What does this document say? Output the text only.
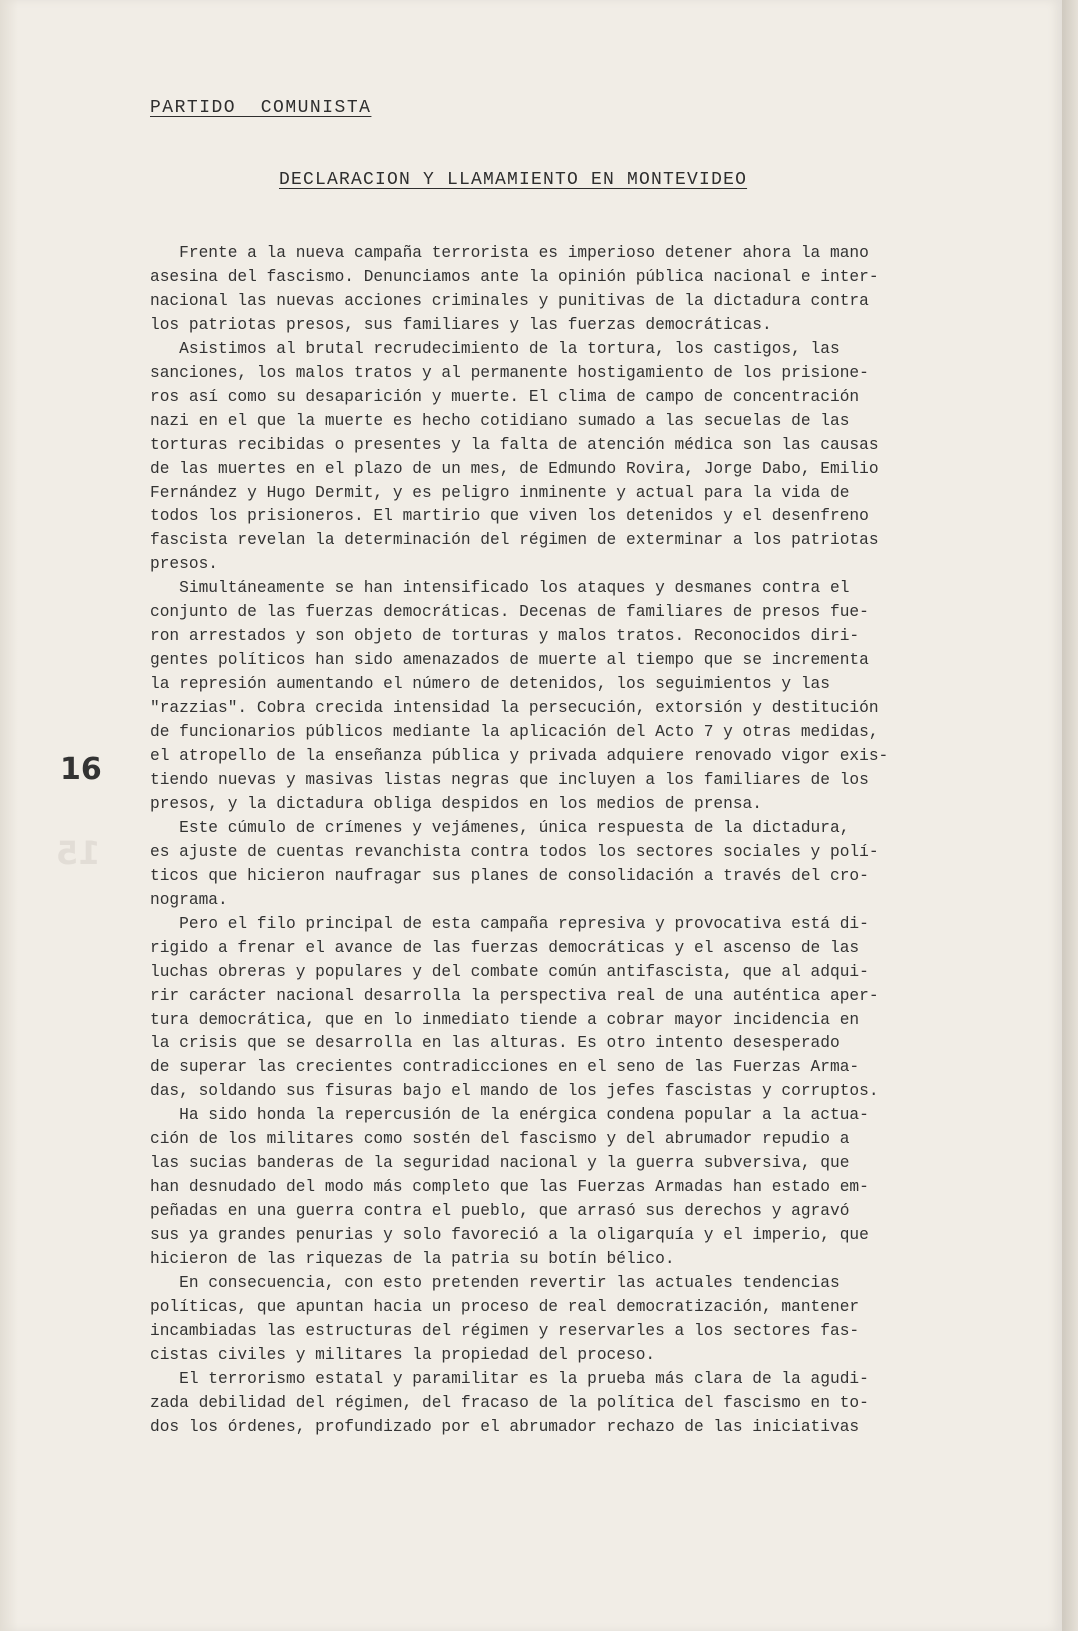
PARTIDO  COMUNISTA
DECLARACION Y LLAMAMIENTO EN MONTEVIDEO
16
15
Frente a la nueva campaña terrorista es imperioso detener ahora la mano
asesina del fascismo. Denunciamos ante la opinión pública nacional e inter-
nacional las nuevas acciones criminales y punitivas de la dictadura contra
los patriotas presos, sus familiares y las fuerzas democráticas.
Asistimos al brutal recrudecimiento de la tortura, los castigos, las
sanciones, los malos tratos y al permanente hostigamiento de los prisione-
ros así como su desaparición y muerte. El clima de campo de concentración
nazi en el que la muerte es hecho cotidiano sumado a las secuelas de las
torturas recibidas o presentes y la falta de atención médica son las causas
de las muertes en el plazo de un mes, de Edmundo Rovira, Jorge Dabo, Emilio
Fernández y Hugo Dermit, y es peligro inminente y actual para la vida de
todos los prisioneros. El martirio que viven los detenidos y el desenfreno
fascista revelan la determinación del régimen de exterminar a los patriotas
presos.
Simultáneamente se han intensificado los ataques y desmanes contra el
conjunto de las fuerzas democráticas. Decenas de familiares de presos fue-
ron arrestados y son objeto de torturas y malos tratos. Reconocidos diri-
gentes políticos han sido amenazados de muerte al tiempo que se incrementa
la represión aumentando el número de detenidos, los seguimientos y las
"razzias". Cobra crecida intensidad la persecución, extorsión y destitución
de funcionarios públicos mediante la aplicación del Acto 7 y otras medidas,
el atropello de la enseñanza pública y privada adquiere renovado vigor exis-
tiendo nuevas y masivas listas negras que incluyen a los familiares de los
presos, y la dictadura obliga despidos en los medios de prensa.
Este cúmulo de crímenes y vejámenes, única respuesta de la dictadura,
es ajuste de cuentas revanchista contra todos los sectores sociales y polí-
ticos que hicieron naufragar sus planes de consolidación a través del cro-
nograma.
Pero el filo principal de esta campaña represiva y provocativa está di-
rigido a frenar el avance de las fuerzas democráticas y el ascenso de las
luchas obreras y populares y del combate común antifascista, que al adqui-
rir carácter nacional desarrolla la perspectiva real de una auténtica aper-
tura democrática, que en lo inmediato tiende a cobrar mayor incidencia en
la crisis que se desarrolla en las alturas. Es otro intento desesperado
de superar las crecientes contradicciones en el seno de las Fuerzas Arma-
das, soldando sus fisuras bajo el mando de los jefes fascistas y corruptos.
Ha sido honda la repercusión de la enérgica condena popular a la actua-
ción de los militares como sostén del fascismo y del abrumador repudio a
las sucias banderas de la seguridad nacional y la guerra subversiva, que
han desnudado del modo más completo que las Fuerzas Armadas han estado em-
peñadas en una guerra contra el pueblo, que arrasó sus derechos y agravó
sus ya grandes penurias y solo favoreció a la oligarquía y el imperio, que
hicieron de las riquezas de la patria su botín bélico.
En consecuencia, con esto pretenden revertir las actuales tendencias
políticas, que apuntan hacia un proceso de real democratización, mantener
incambiadas las estructuras del régimen y reservarles a los sectores fas-
cistas civiles y militares la propiedad del proceso.
El terrorismo estatal y paramilitar es la prueba más clara de la agudi-
zada debilidad del régimen, del fracaso de la política del fascismo en to-
dos los órdenes, profundizado por el abrumador rechazo de las iniciativas
